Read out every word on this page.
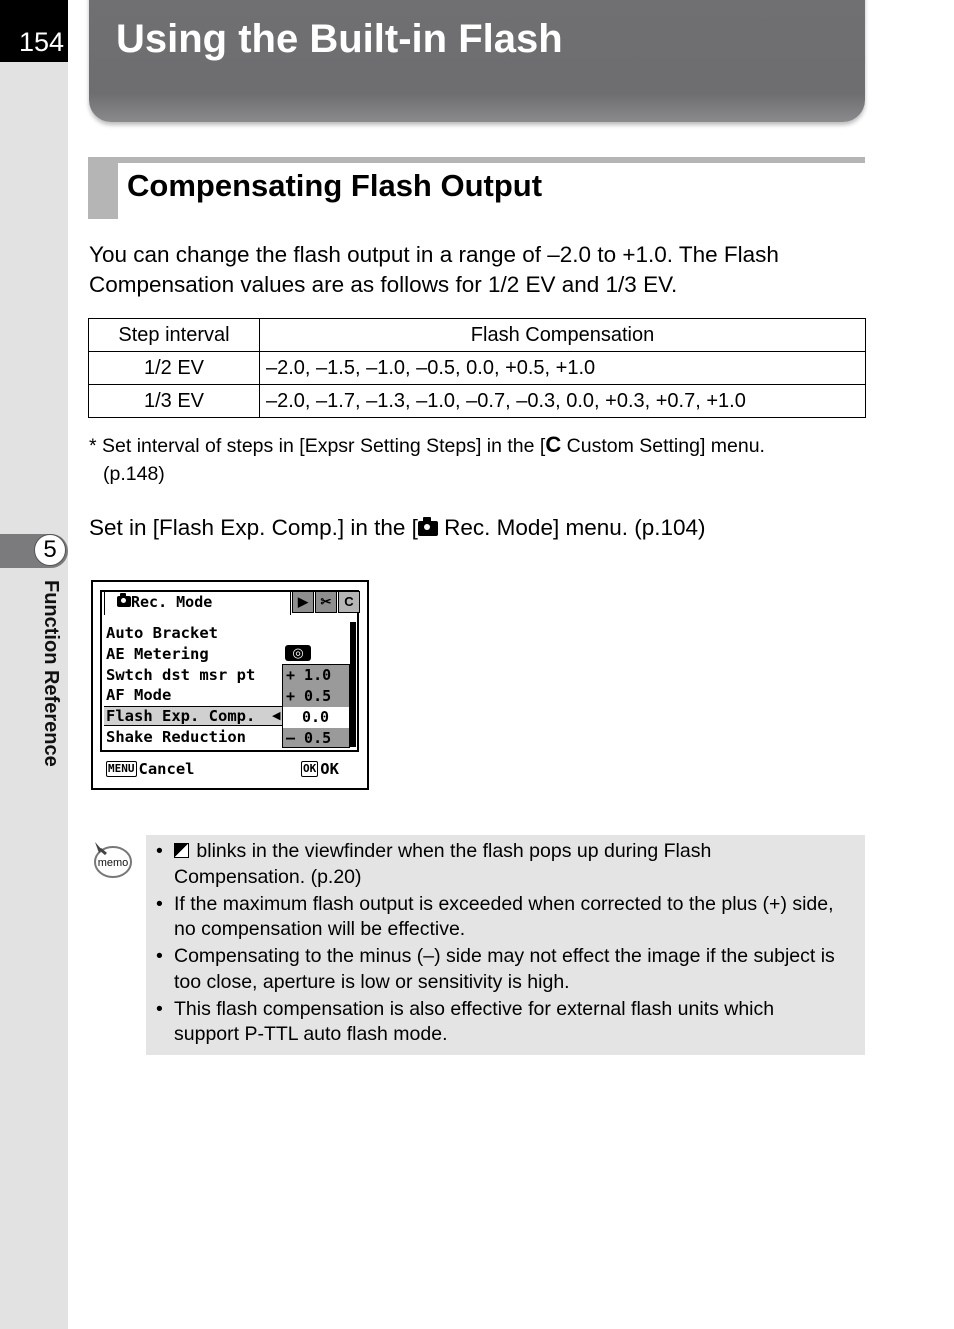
154
5
Function Reference
Using the Built-in Flash
Compensating Flash Output
You can change the flash output in a range of –2.0 to +1.0. The Flash
Compensation values are as follows for 1/2 EV and 1/3 EV.
Step interval	Flash Compensation
1/2 EV	–2.0, –1.5, –1.0, –0.5, 0.0, +0.5, +1.0
1/3 EV	–2.0, –1.7, –1.3, –1.0, –0.7, –0.3, 0.0, +0.3, +0.7, +1.0
* Set interval of steps in [Expsr Setting Steps] in the [C Custom Setting] menu.
(p.148)
Set in [Flash Exp. Comp.] in the [ Rec. Mode] menu. (p.104)
Rec. Mode	▶ ✂ C
Auto Bracket
AE Metering
Swtch dst msr pt
AF Mode
Flash Exp. Comp.
Shake Reduction
◀
◎
+ 1.0
+ 0.5
0.0
– 0.5
MENU Cancel	OK OK
memo
• blinks in the viewfinder when the flash pops up during Flash
Compensation. (p.20)
• If the maximum flash output is exceeded when corrected to the plus (+) side,
no compensation will be effective.
• Compensating to the minus (–) side may not effect the image if the subject is
too close, aperture is low or sensitivity is high.
• This flash compensation is also effective for external flash units which
support P-TTL auto flash mode.
